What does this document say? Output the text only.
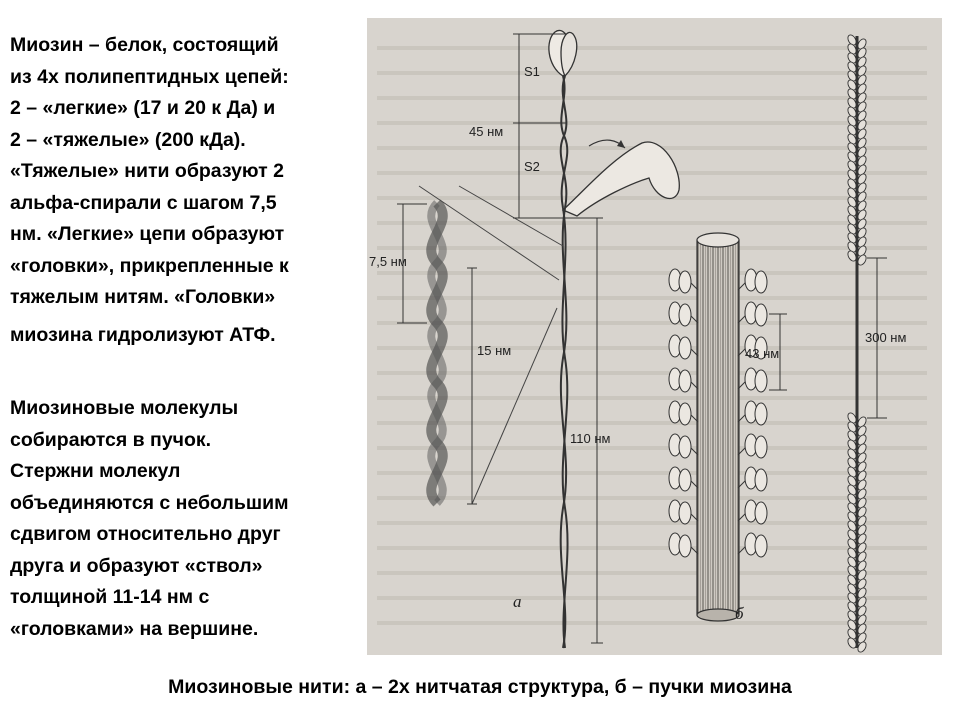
Миозин – белок, состоящий
из 4х полипептидных цепей:
2 – «легкие» (17 и 20 к Да) и
2 – «тяжелые» (200 кДа).
«Тяжелые» нити образуют 2
альфа-спирали с шагом 7,5
нм. «Легкие» цепи образуют
«головки», прикрепленные к
тяжелым нитям. «Головки»
миозина гидролизуют АТФ.
Миозиновые молекулы
собираются в пучок.
Стержни молекул
объединяются с небольшим
сдвигом относительно друг
друга и образуют «ствол»
толщиной 11-14 нм с
«головками» на вершине.
S1
S2
45 нм
7,5 нм
15 нм
110 нм
43 нм
300 нм
а
б
Миозиновые нити: а – 2х нитчатая структура, б – пучки миозина
